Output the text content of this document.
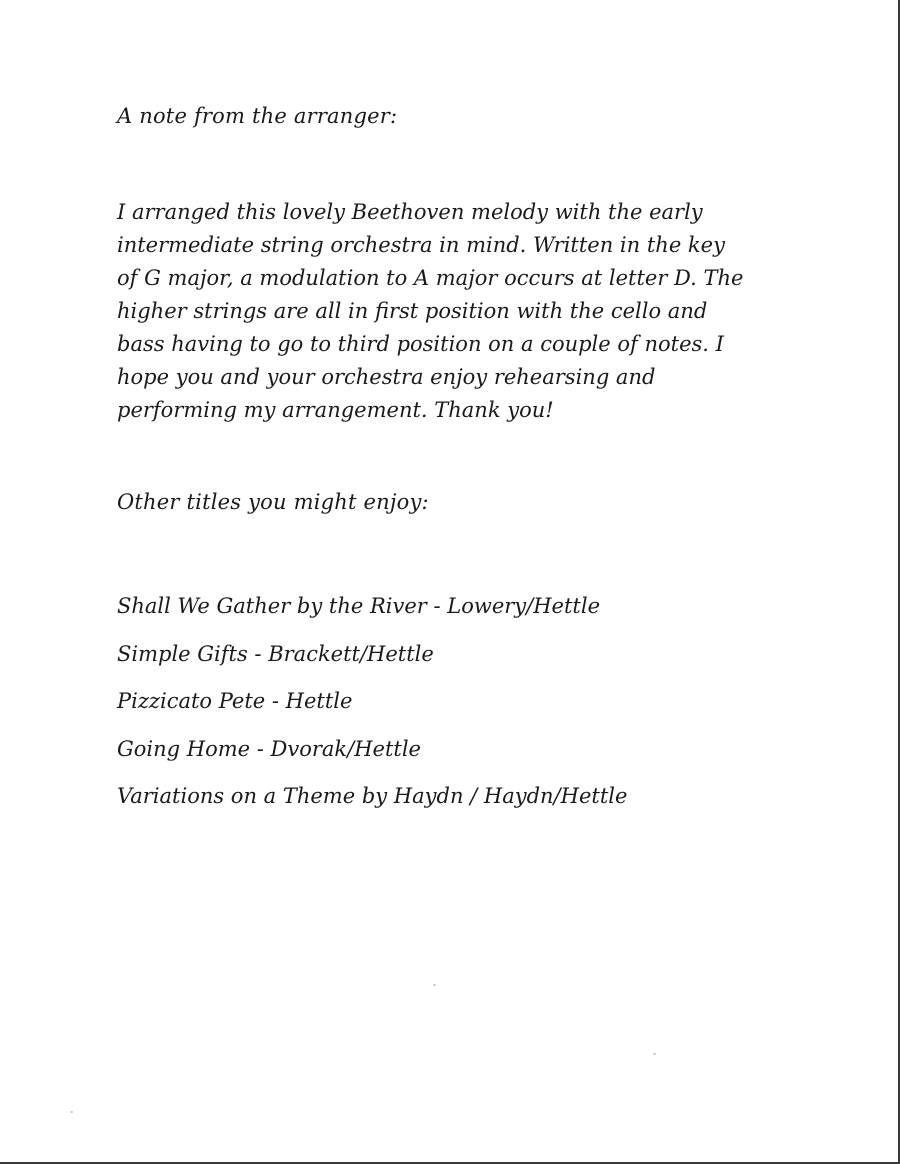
A note from the arranger:
I arranged this lovely Beethoven melody with the early
intermediate string orchestra in mind. Written in the key
of G major, a modulation to A major occurs at letter D. The
higher strings are all in first position with the cello and
bass having to go to third position on a couple of notes. I
hope you and your orchestra enjoy rehearsing and
performing my arrangement. Thank you!
Other titles you might enjoy:
Shall We Gather by the River - Lowery/Hettle
Simple Gifts - Brackett/Hettle
Pizzicato Pete - Hettle
Going Home - Dvorak/Hettle
Variations on a Theme by Haydn / Haydn/Hettle
